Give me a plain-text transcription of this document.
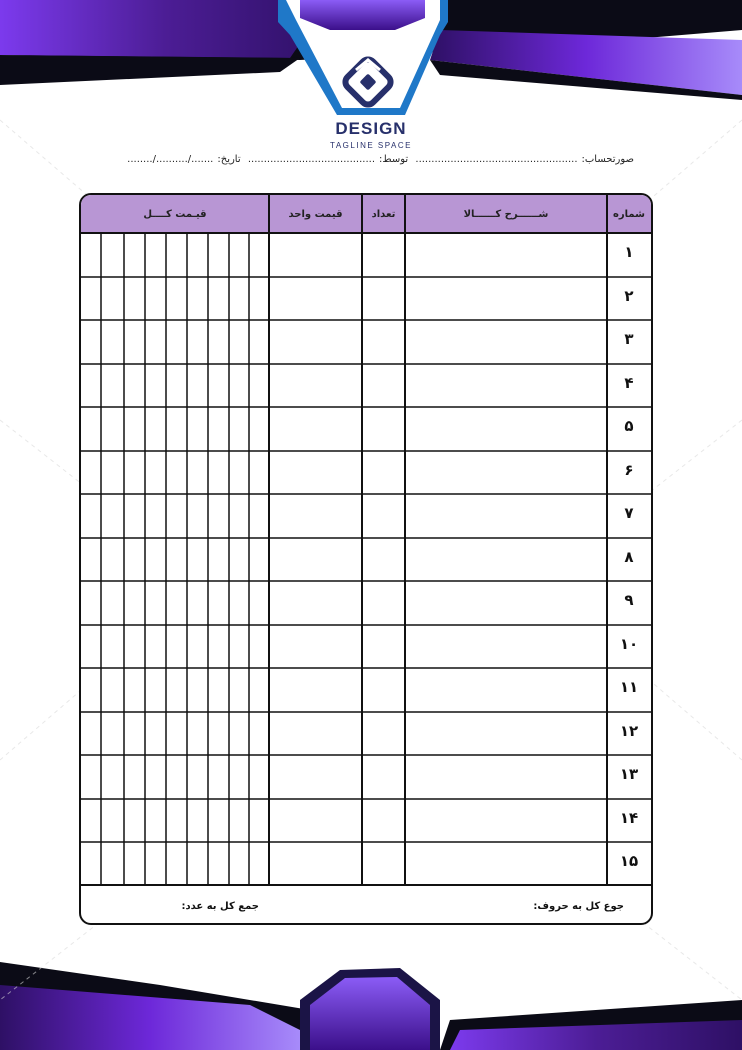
DESIGN
TAGLINE SPACE
صورتحساب:................................................... توسط:........................................ تاریخ:......./........../........
شماره
شــــــرح کــــــالا
تعداد
قیمت واحد
قیـمت کــــل
۱
۲
۳
۴
۵
۶
۷
۸
۹
۱۰
۱۱
۱۲
۱۳
۱۴
۱۵
جوع کل به حروف:
جمع کل به عدد:
